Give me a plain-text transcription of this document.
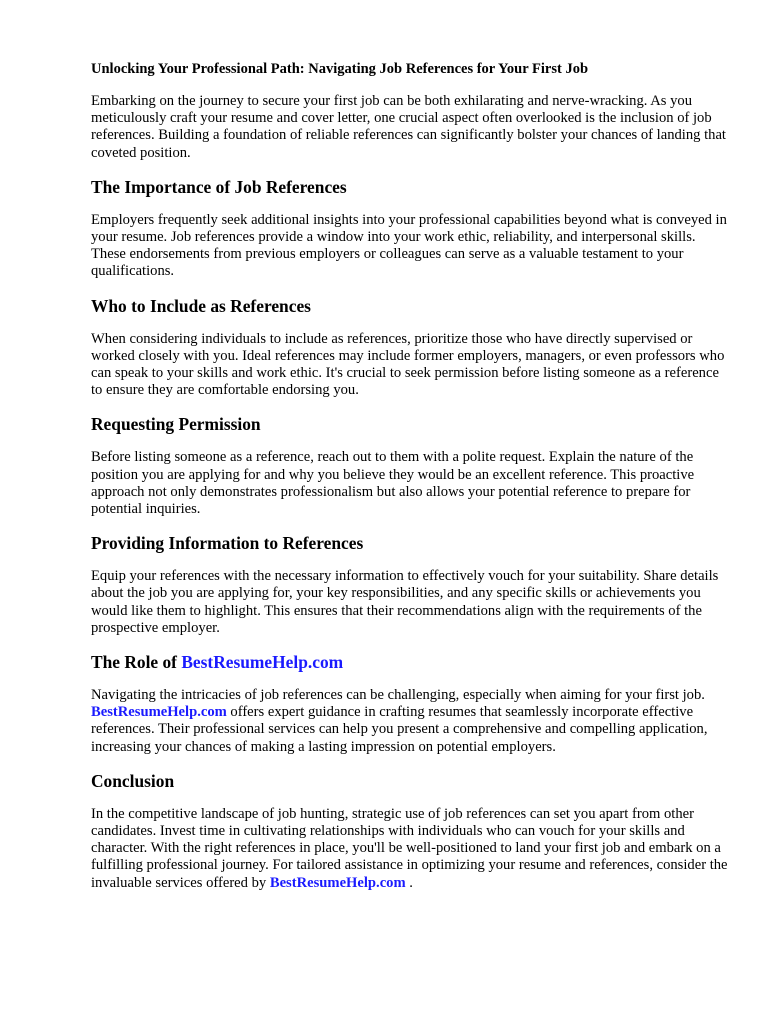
Unlocking Your Professional Path: Navigating Job References for Your First Job

Embarking on the journey to secure your first job can be both exhilarating and nerve-wracking. As you meticulously craft your resume and cover letter, one crucial aspect often overlooked is the inclusion of job references. Building a foundation of reliable references can significantly bolster your chances of landing that coveted position.

The Importance of Job References

Employers frequently seek additional insights into your professional capabilities beyond what is conveyed in your resume. Job references provide a window into your work ethic, reliability, and interpersonal skills. These endorsements from previous employers or colleagues can serve as a valuable testament to your qualifications.

Who to Include as References

When considering individuals to include as references, prioritize those who have directly supervised or worked closely with you. Ideal references may include former employers, managers, or even professors who can speak to your skills and work ethic. It's crucial to seek permission before listing someone as a reference to ensure they are comfortable endorsing you.

Requesting Permission

Before listing someone as a reference, reach out to them with a polite request. Explain the nature of the position you are applying for and why you believe they would be an excellent reference. This proactive approach not only demonstrates professionalism but also allows your potential reference to prepare for potential inquiries.

Providing Information to References

Equip your references with the necessary information to effectively vouch for your suitability. Share details about the job you are applying for, your key responsibilities, and any specific skills or achievements you would like them to highlight. This ensures that their recommendations align with the requirements of the prospective employer.

The Role of BestResumeHelp.com

Navigating the intricacies of job references can be challenging, especially when aiming for your first job. BestResumeHelp.com offers expert guidance in crafting resumes that seamlessly incorporate effective references. Their professional services can help you present a comprehensive and compelling application, increasing your chances of making a lasting impression on potential employers.

Conclusion

In the competitive landscape of job hunting, strategic use of job references can set you apart from other candidates. Invest time in cultivating relationships with individuals who can vouch for your skills and character. With the right references in place, you'll be well-positioned to land your first job and embark on a fulfilling professional journey. For tailored assistance in optimizing your resume and references, consider the invaluable services offered by BestResumeHelp.com .
